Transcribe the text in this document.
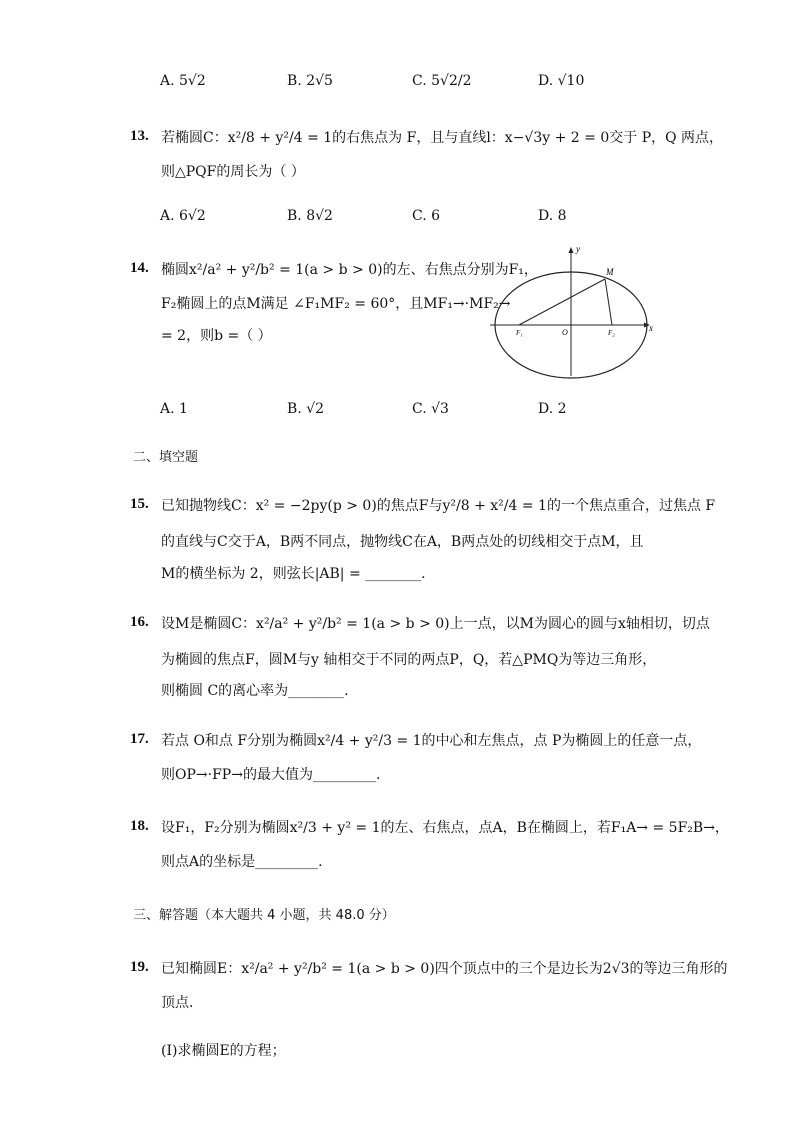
A. 5√2	B. 2√5	C. 5√2/2	D. √10
13. 若椭圆C：x²/8 + y²/4 = 1的右焦点为 F，且与直线l：x−√3y + 2 = 0交于 P，Q 两点，
则△PQF的周长为（ ）
A. 6√2	B. 8√2	C. 6	D. 8
14. 椭圆x²/a² + y²/b² = 1(a > b > 0)的左、右焦点分别为F₁，
F₂椭圆上的点M满足 ∠F₁MF₂ = 60°，且MF₁→·MF₂→
= 2，则b =（ ）
y
M
O	x
F₁	F₂
A. 1	B. √2	C. √3	D. 2
二、填空题
15. 已知抛物线C：x² = −2py(p > 0)的焦点F与y²/8 + x²/4 = 1的一个焦点重合，过焦点 F
的直线与C交于A，B两不同点，抛物线C在A，B两点处的切线相交于点M，且
M的横坐标为 2，则弦长|AB| = ________.
16. 设M是椭圆C：x²/a² + y²/b² = 1(a > b > 0)上一点，以M为圆心的圆与x轴相切，切点
为椭圆的焦点F，圆M与y 轴相交于不同的两点P，Q，若△PMQ为等边三角形，
则椭圆 C的离心率为________.
17. 若点 O和点 F分别为椭圆x²/4 + y²/3 = 1的中心和左焦点，点 P为椭圆上的任意一点，
则OP→·FP→的最大值为_________.
18. 设F₁，F₂分别为椭圆x²/3 + y² = 1的左、右焦点，点A，B在椭圆上，若F₁A→ = 5F₂B→，
则点A的坐标是_________.
三、解答题（本大题共 4 小题，共 48.0 分）
19. 已知椭圆E：x²/a² + y²/b² = 1(a > b > 0)四个顶点中的三个是边长为2√3的等边三角形的
顶点．
(Ⅰ)求椭圆E的方程；
